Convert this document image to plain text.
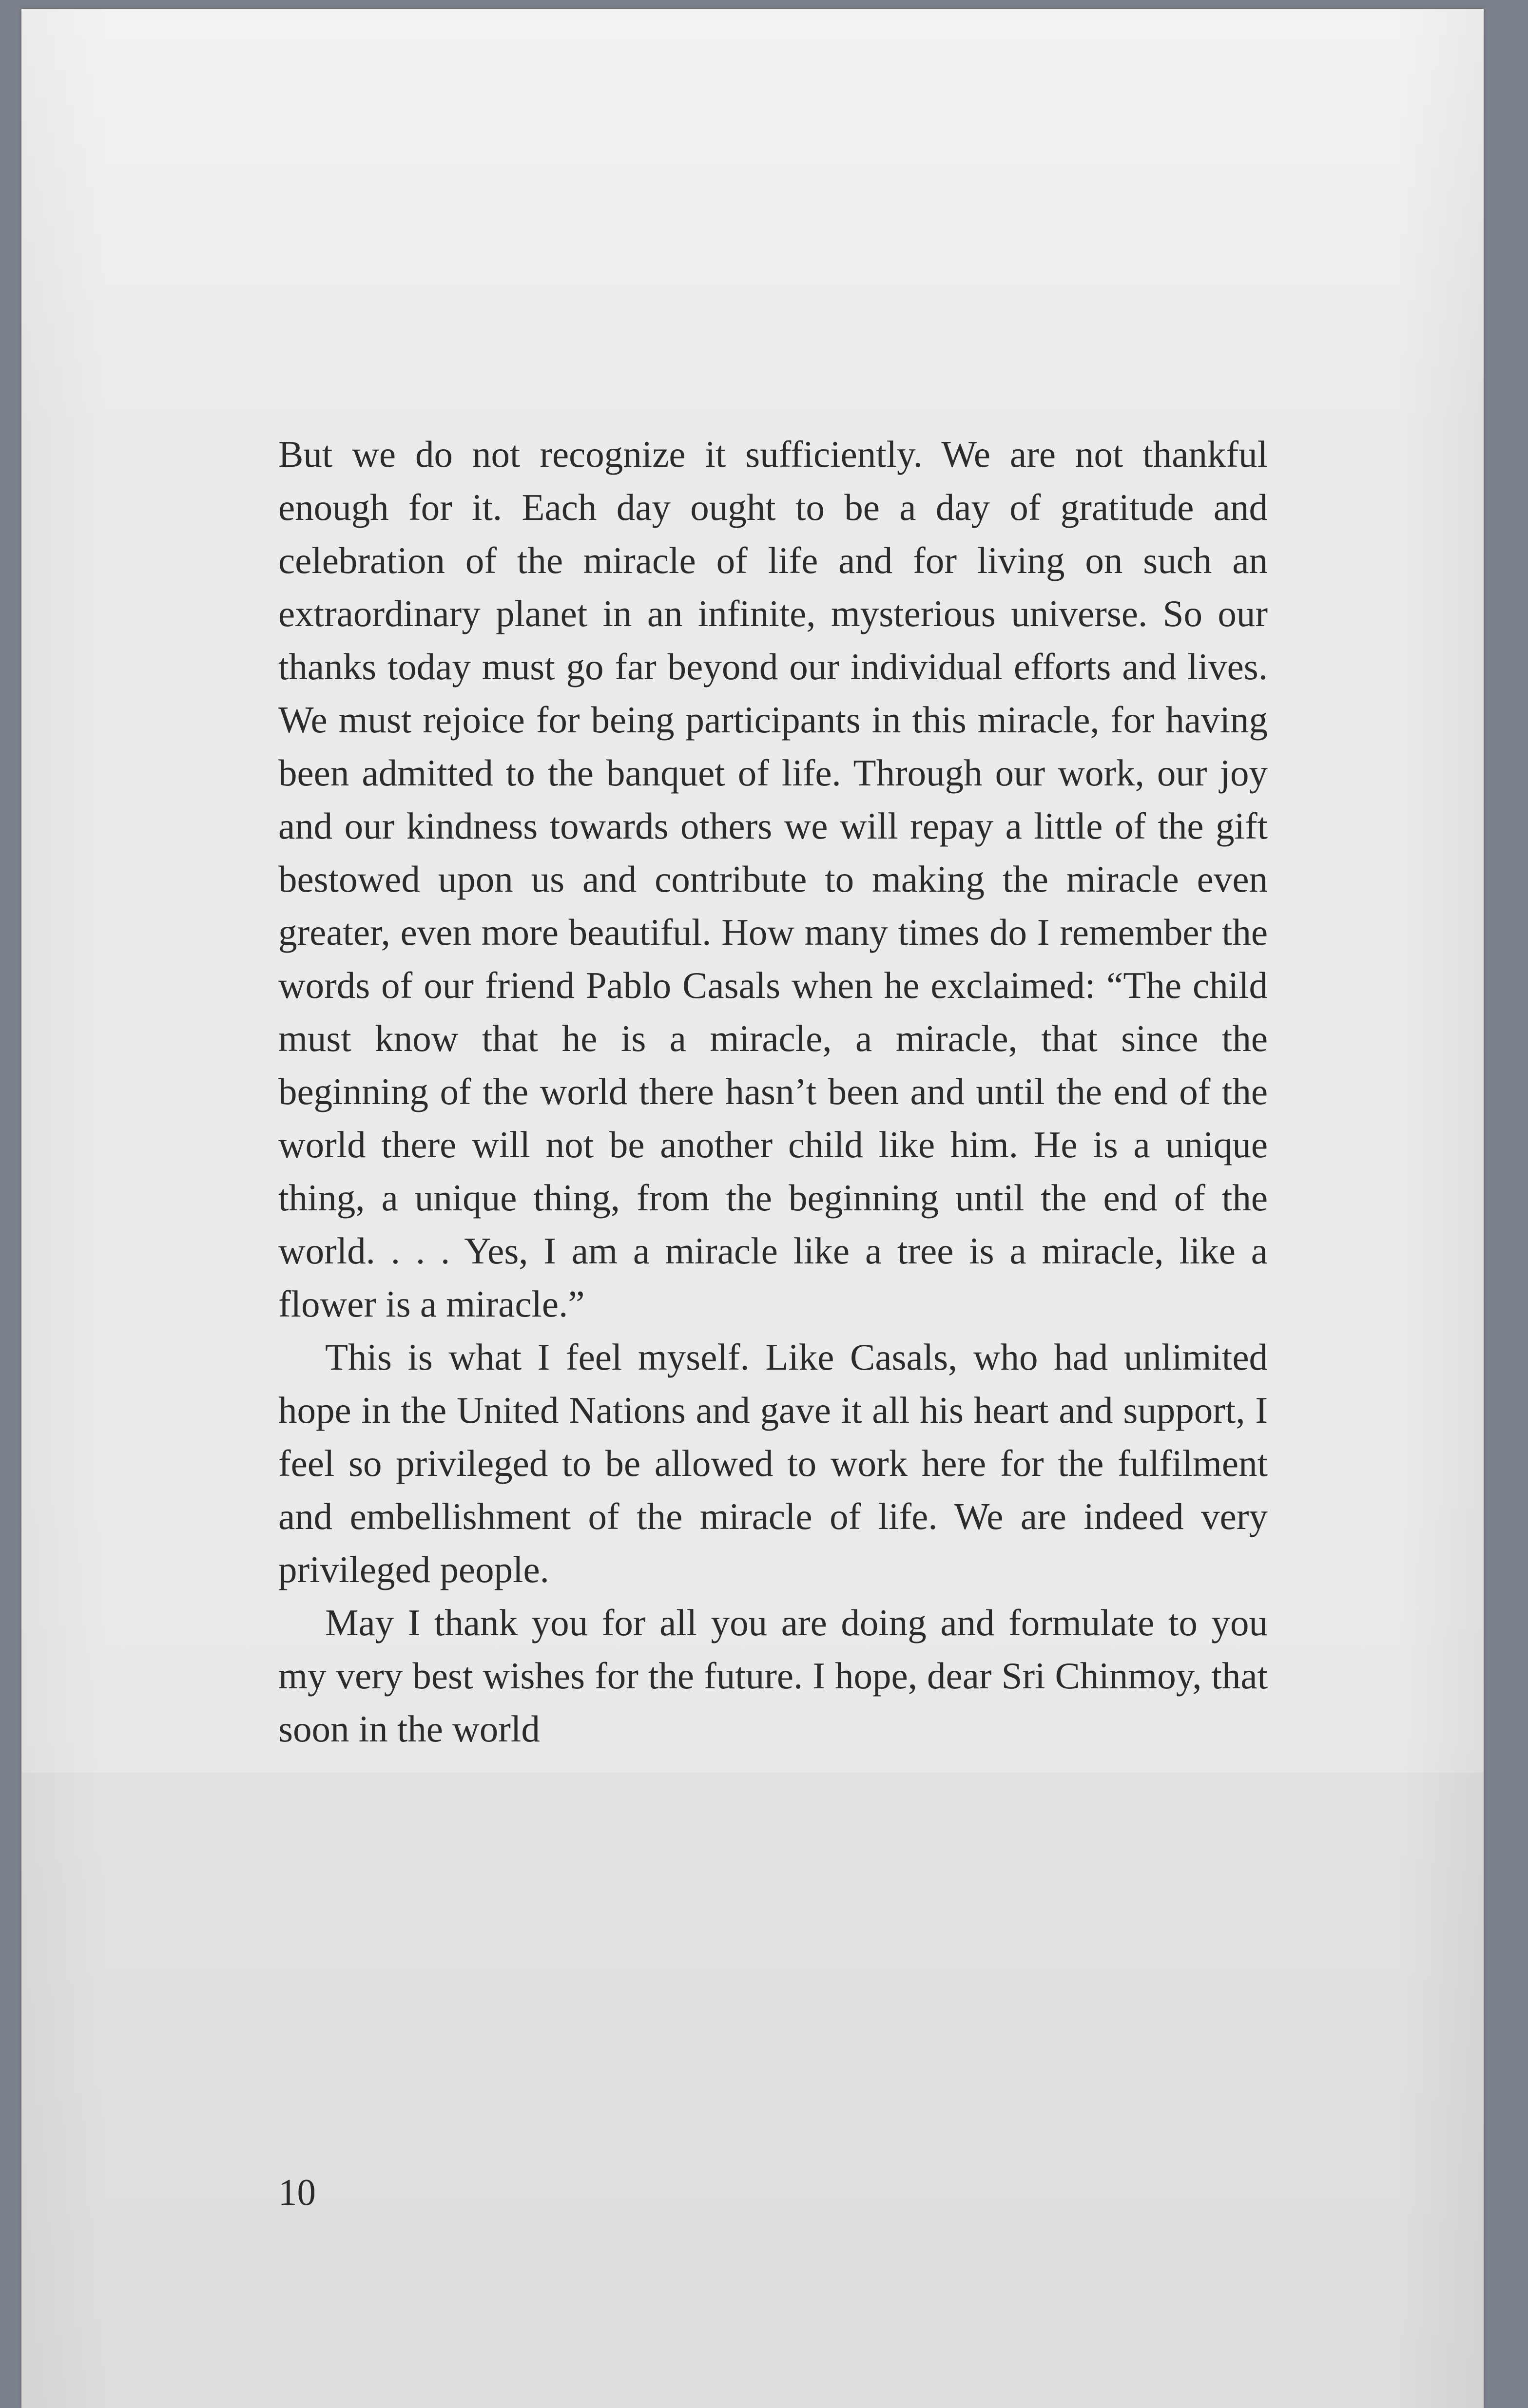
But we do not recognize it sufficiently. We are not thankful enough for it. Each day ought to be a day of gratitude and celebration of the miracle of life and for living on such an extraordinary planet in an infinite, mysterious universe. So our thanks today must go far beyond our individual efforts and lives. We must rejoice for being participants in this miracle, for having been admitted to the banquet of life. Through our work, our joy and our kindness towards others we will repay a little of the gift bestowed upon us and contribute to making the miracle even greater, even more beautiful. How many times do I remember the words of our friend Pablo Casals when he exclaimed: “The child must know that he is a miracle, a miracle, that since the beginning of the world there hasn’t been and until the end of the world there will not be another child like him. He is a unique thing, a unique thing, from the beginning until the end of the world. . . . Yes, I am a miracle like a tree is a miracle, like a flower is a miracle.”

This is what I feel myself. Like Casals, who had unlimited hope in the United Nations and gave it all his heart and support, I feel so privileged to be allowed to work here for the fulfilment and embellishment of the miracle of life. We are indeed very privileged people.

May I thank you for all you are doing and formulate to you my very best wishes for the future. I hope, dear Sri Chinmoy, that soon in the world

10
